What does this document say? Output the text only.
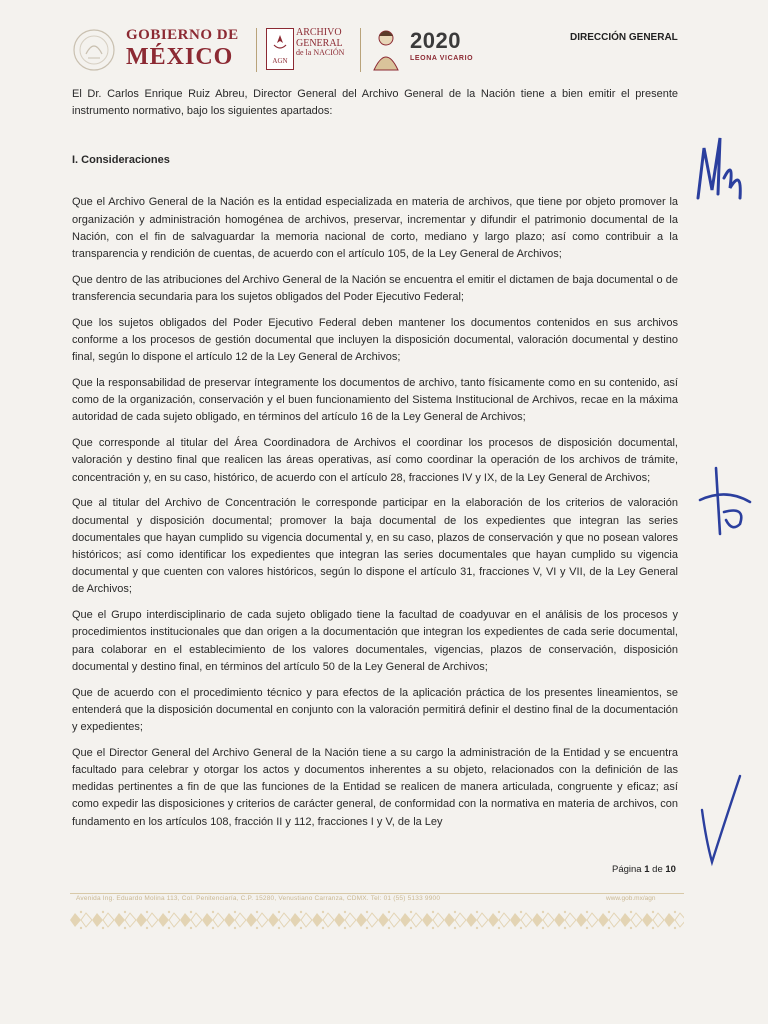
GOBIERNO DE
MÉXICO	AGN
ARCHIVO
GENERAL
de la NACIÓN	2020
LEONA VICARIO
DIRECCIÓN GENERAL

El Dr. Carlos Enrique Ruiz Abreu, Director General del Archivo General de la Nación tiene a bien emitir el presente instrumento normativo, bajo los siguientes apartados:

I. Consideraciones

Que el Archivo General de la Nación es la entidad especializada en materia de archivos, que tiene por objeto promover la organización y administración homogénea de archivos, preservar, incrementar y difundir el patrimonio documental de la Nación, con el fin de salvaguardar la memoria nacional de corto, mediano y largo plazo; así como contribuir a la transparencia y rendición de cuentas, de acuerdo con el artículo 105, de la Ley General de Archivos;

Que dentro de las atribuciones del Archivo General de la Nación se encuentra el emitir el dictamen de baja documental o de transferencia secundaria para los sujetos obligados del Poder Ejecutivo Federal;

Que los sujetos obligados del Poder Ejecutivo Federal deben mantener los documentos contenidos en sus archivos conforme a los procesos de gestión documental que incluyen la disposición documental, valoración documental y destino final, según lo dispone el artículo 12 de la Ley General de Archivos;

Que la responsabilidad de preservar íntegramente los documentos de archivo, tanto físicamente como en su contenido, así como de la organización, conservación y el buen funcionamiento del Sistema Institucional de Archivos, recae en la máxima autoridad de cada sujeto obligado, en términos del artículo 16 de la Ley General de Archivos;

Que corresponde al titular del Área Coordinadora de Archivos el coordinar los procesos de disposición documental, valoración y destino final que realicen las áreas operativas, así como coordinar la operación de los archivos de trámite, concentración y, en su caso, histórico, de acuerdo con el artículo 28, fracciones IV y IX, de la Ley General de Archivos;

Que al titular del Archivo de Concentración le corresponde participar en la elaboración de los criterios de valoración documental y disposición documental; promover la baja documental de los expedientes que integran las series documentales que hayan cumplido su vigencia documental y, en su caso, plazos de conservación y que no posean valores históricos; así como identificar los expedientes que integran las series documentales que hayan cumplido su vigencia documental y que cuenten con valores históricos, según lo dispone el artículo 31, fracciones V, VI y VII, de la Ley General de Archivos;

Que el Grupo interdisciplinario de cada sujeto obligado tiene la facultad de coadyuvar en el análisis de los procesos y procedimientos institucionales que dan origen a la documentación que integran los expedientes de cada serie documental, para colaborar en el establecimiento de los valores documentales, vigencias, plazos de conservación, disposición documental y destino final, en términos del artículo 50 de la Ley General de Archivos;

Que de acuerdo con el procedimiento técnico y para efectos de la aplicación práctica de los presentes lineamientos, se entenderá que la disposición documental en conjunto con la valoración permitirá definir el destino final de la documentación y expedientes;

Que el Director General del Archivo General de la Nación tiene a su cargo la administración de la Entidad y se encuentra facultado para celebrar y otorgar los actos y documentos inherentes a su objeto, relacionados con la definición de las medidas pertinentes a fin de que las funciones de la Entidad se realicen de manera articulada, congruente y eficaz; así como expedir las disposiciones y criterios de carácter general, de conformidad con la normativa en materia de archivos, con fundamento en los artículos 108, fracción II y 112, fracciones I y V, de la Ley

Página 1 de 10
Avenida Ing. Eduardo Molina 113, Col. Penitenciaría, C.P. 15280, Venustiano Carranza, CDMX. Tel: 01 (55) 5133 9900	www.gob.mx/agn
